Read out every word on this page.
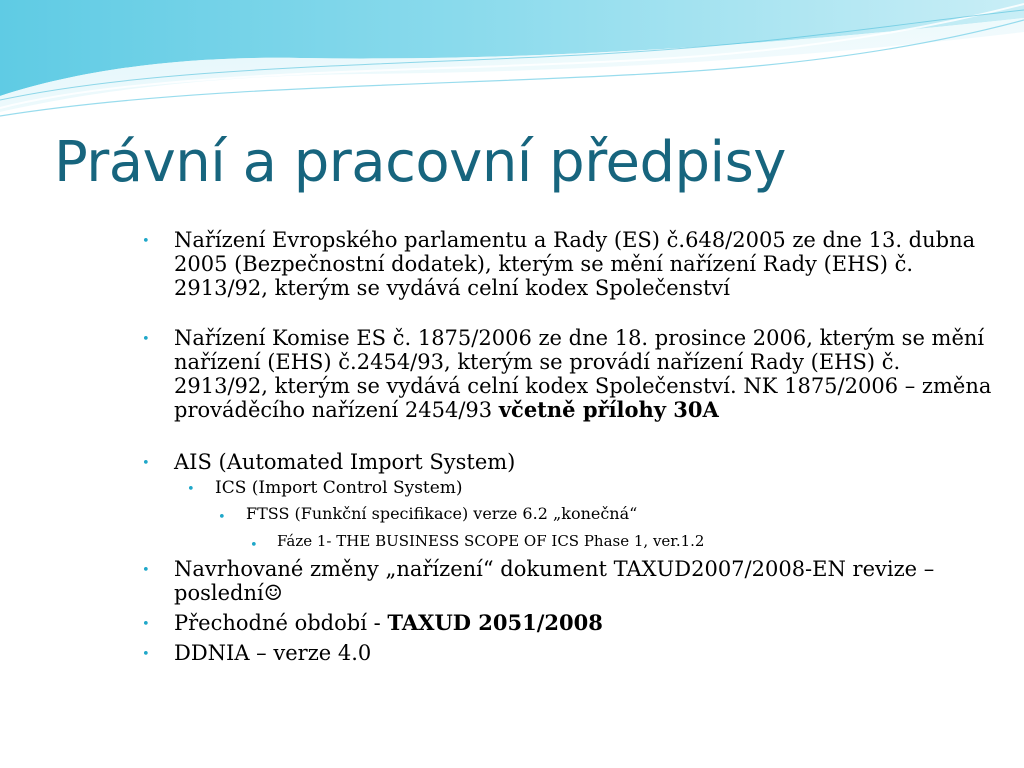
Právní a pracovní předpisy
• Nařízení Evropského parlamentu a Rady (ES) č.648/2005 ze dne 13. dubna 2005 (Bezpečnostní dodatek), kterým se mění nařízení Rady (EHS) č. 2913/92, kterým se vydává celní kodex Společenství
• Nařízení Komise ES č. 1875/2006 ze dne 18. prosince 2006, kterým se mění nařízení (EHS) č.2454/93, kterým se provádí nařízení Rady (EHS) č. 2913/92, kterým se vydává celní kodex Společenství. NK 1875/2006 – změna prováděcího nařízení 2454/93 včetně přílohy 30A
• AIS (Automated Import System)
• ICS (Import Control System)
• FTSS (Funkční specifikace) verze 6.2 „konečná“
• Fáze 1- THE BUSINESS SCOPE OF ICS Phase 1, ver.1.2
• Navrhované změny „nařízení“ dokument TAXUD2007/2008-EN revize – poslední☺
• Přechodné období - TAXUD 2051/2008
• DDNIA – verze 4.0
